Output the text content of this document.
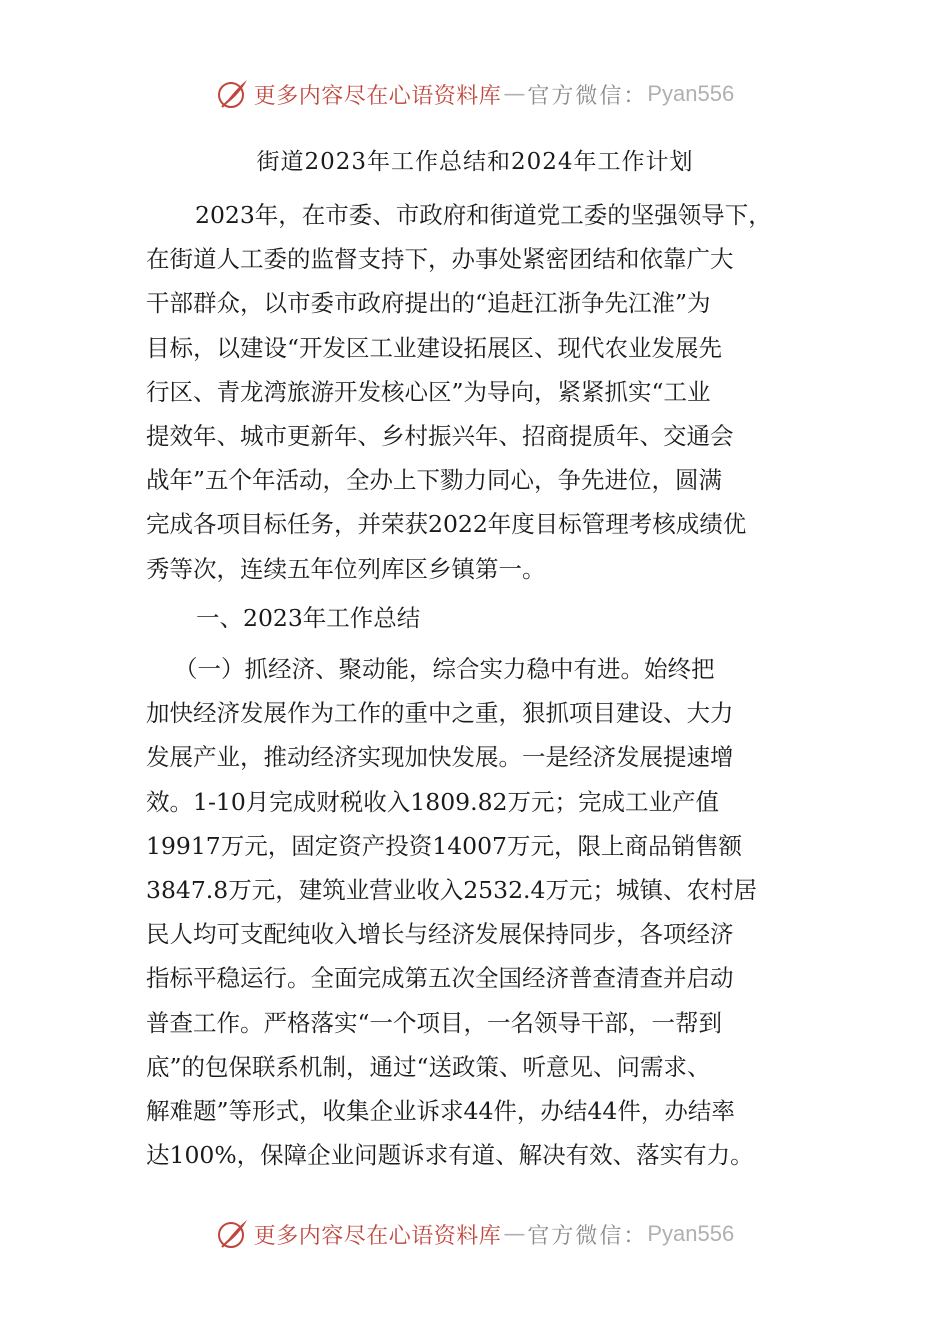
更多内容尽在心语资料库 — 官方微信： Pyan556
街道2023年工作总结和2024年工作计划
2023年，在市委、市政府和街道党工委的坚强领导下，
在街道人工委的监督支持下，办事处紧密团结和依靠广大
干部群众，以市委市政府提出的“追赶江浙争先江淮”为
目标，以建设“开发区工业建设拓展区、现代农业发展先
行区、青龙湾旅游开发核心区”为导向，紧紧抓实“工业
提效年、城市更新年、乡村振兴年、招商提质年、交通会
战年”五个年活动，全办上下勠力同心，争先进位，圆满
完成各项目标任务，并荣获2022年度目标管理考核成绩优
秀等次，连续五年位列库区乡镇第一。
一、2023年工作总结
（一）抓经济、聚动能，综合实力稳中有进。始终把
加快经济发展作为工作的重中之重，狠抓项目建设、大力
发展产业，推动经济实现加快发展。一是经济发展提速增
效。1-10月完成财税收入1809.82万元；完成工业产值
19917万元，固定资产投资14007万元，限上商品销售额
3847.8万元，建筑业营业收入2532.4万元；城镇、农村居
民人均可支配纯收入增长与经济发展保持同步，各项经济
指标平稳运行。全面完成第五次全国经济普查清查并启动
普查工作。严格落实“一个项目，一名领导干部，一帮到
底”的包保联系机制，通过“送政策、听意见、问需求、
解难题”等形式，收集企业诉求44件，办结44件，办结率
达100%，保障企业问题诉求有道、解决有效、落实有力。
更多内容尽在心语资料库 — 官方微信： Pyan556
